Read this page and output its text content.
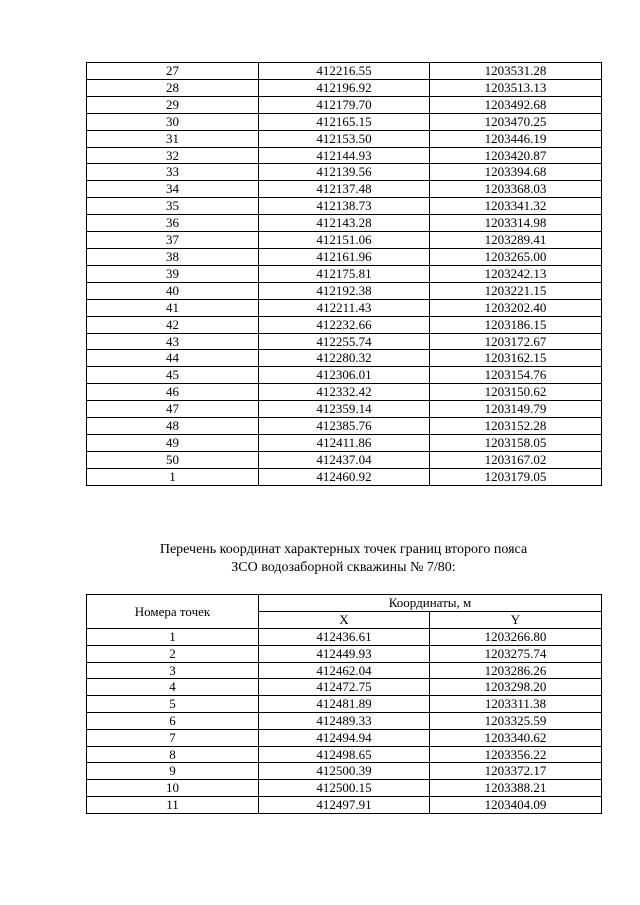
27	412216.55	1203531.28
28	412196.92	1203513.13
29	412179.70	1203492.68
30	412165.15	1203470.25
31	412153.50	1203446.19
32	412144.93	1203420.87
33	412139.56	1203394.68
34	412137.48	1203368.03
35	412138.73	1203341.32
36	412143.28	1203314.98
37	412151.06	1203289.41
38	412161.96	1203265.00
39	412175.81	1203242.13
40	412192.38	1203221.15
41	412211.43	1203202.40
42	412232.66	1203186.15
43	412255.74	1203172.67
44	412280.32	1203162.15
45	412306.01	1203154.76
46	412332.42	1203150.62
47	412359.14	1203149.79
48	412385.76	1203152.28
49	412411.86	1203158.05
50	412437.04	1203167.02
1	412460.92	1203179.05
Перечень координат характерных точек границ второго пояса
ЗСО водозаборной скважины № 7/80:
Номера точек	Координаты, м	
	X	Y
1	412436.61	1203266.80
2	412449.93	1203275.74
3	412462.04	1203286.26
4	412472.75	1203298.20
5	412481.89	1203311.38
6	412489.33	1203325.59
7	412494.94	1203340.62
8	412498.65	1203356.22
9	412500.39	1203372.17
10	412500.15	1203388.21
11	412497.91	1203404.09
